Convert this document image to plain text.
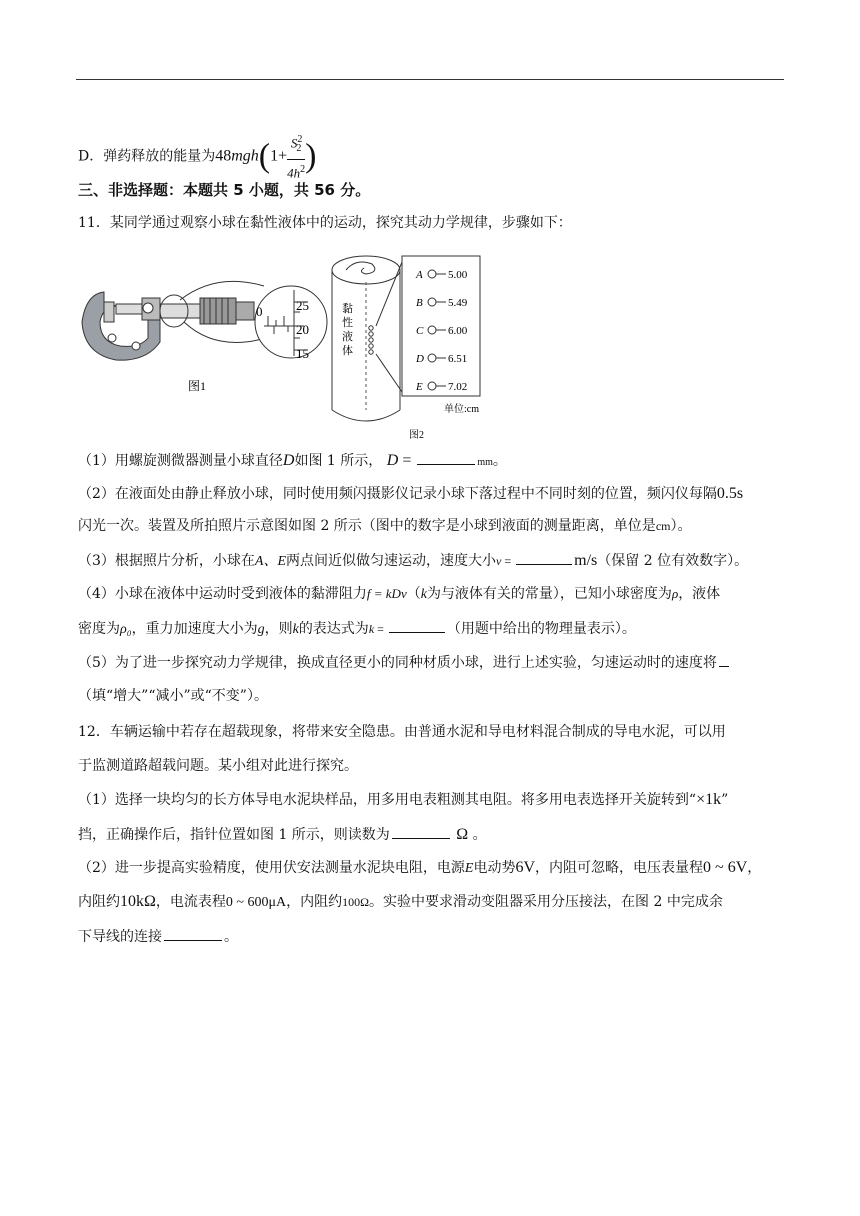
D．弹药释放的能量为$48mgh(1+ \frac{S^2_2}{4h^2}$ )
三、非选择题：本题共 5 小题，共 56 分。
11．某同学通过观察小球在黏性液体中的运动，探究其动力学规律，步骤如下：
0	25
20
15
图1
黏性液体
A 5.00
B 5.49
C 6.00
D 6.51
E 7.02
单位:cm
图2
（1）用螺旋测微器测量小球直径D如图 1 所示， D =	mm。
（2）在液面处由静止释放小球，同时使用频闪摄影仪记录小球下落过程中不同时刻的位置，频闪仪每隔0.5s
闪光一次。装置及所拍照片示意图如图 2 所示（图中的数字是小球到液面的测量距离，单位是cm）。
（3）根据照片分析，小球在A、E两点间近似做匀速运动，速度大小v =	m/s（保留 2 位有效数字）。
（4）小球在液体中运动时受到液体的黏滞阻力f = kDv（k为与液体有关的常量），已知小球密度为ρ，液体
密度为ρ₀，重力加速度大小为g，则k的表达式为k =	（用题中给出的物理量表示）。
（5）为了进一步探究动力学规律，换成直径更小的同种材质小球，进行上述实验，匀速运动时的速度将
（填“增大”“减小”或“不变”）。
12．车辆运输中若存在超载现象，将带来安全隐患。由普通水泥和导电材料混合制成的导电水泥，可以用
于监测道路超载问题。某小组对此进行探究。
（1）选择一块均匀的长方体导电水泥块样品，用多用电表粗测其电阻。将多用电表选择开关旋转到“×1k”
挡，正确操作后，指针位置如图 1 所示，则读数为	Ω 。
（2）进一步提高实验精度，使用伏安法测量水泥块电阻，电源E电动势6V，内阻可忽略，电压表量程0 ~ 6V，
内阻约10kΩ，电流表程0 ~ 600μA，内阻约100Ω。实验中要求滑动变阻器采用分压接法，在图 2 中完成余
下导线的连接	。
